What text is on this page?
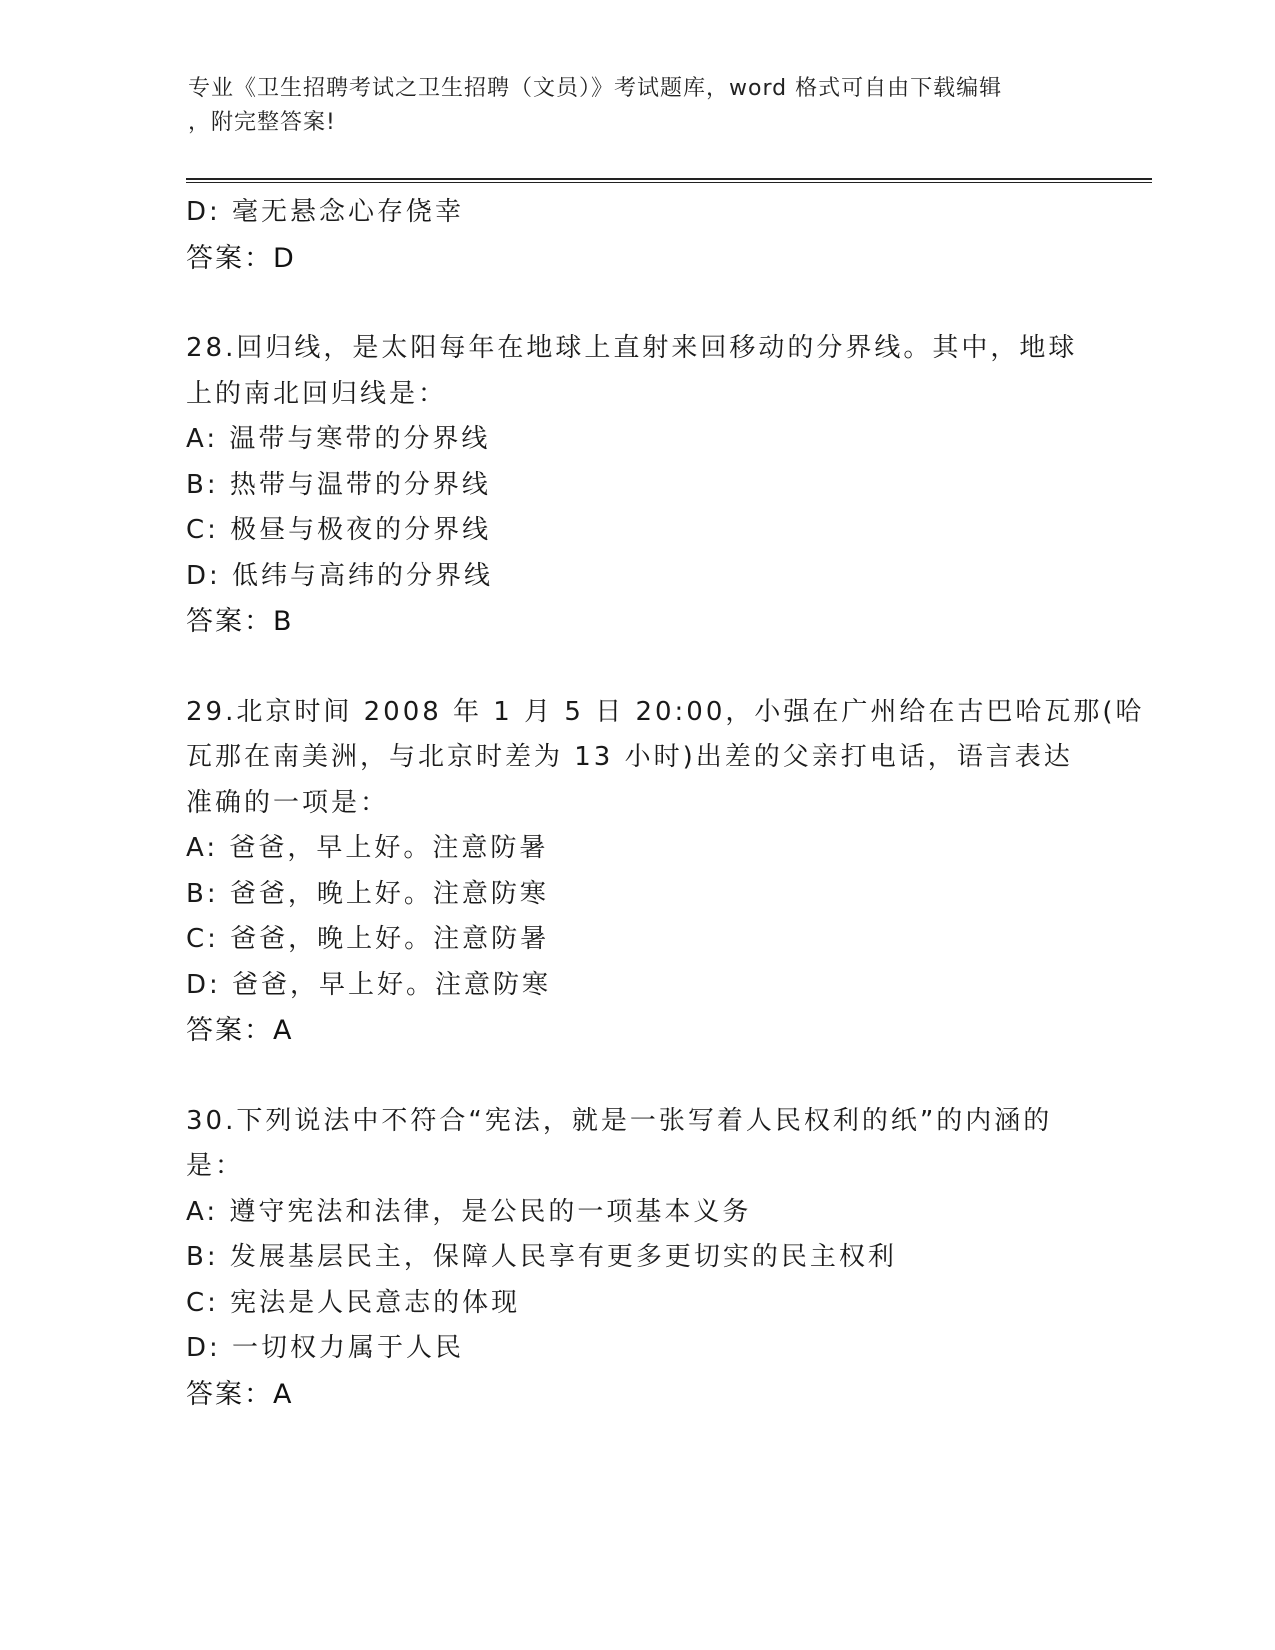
专业《卫生招聘考试之卫生招聘（文员）》考试题库，word 格式可自由下载编辑
，附完整答案!
D: 毫无悬念心存侥幸
答案：D
28.回归线，是太阳每年在地球上直射来回移动的分界线。其中，地球
上的南北回归线是：
A: 温带与寒带的分界线
B: 热带与温带的分界线
C: 极昼与极夜的分界线
D: 低纬与高纬的分界线
答案：B
29.北京时间 2008 年 1 月 5 日 20:00，小强在广州给在古巴哈瓦那(哈
瓦那在南美洲，与北京时差为 13 小时)出差的父亲打电话，语言表达
准确的一项是：
A: 爸爸，早上好。注意防暑
B: 爸爸，晚上好。注意防寒
C: 爸爸，晚上好。注意防暑
D: 爸爸，早上好。注意防寒
答案：A
30.下列说法中不符合“宪法，就是一张写着人民权利的纸”的内涵的
是：
A: 遵守宪法和法律，是公民的一项基本义务
B: 发展基层民主，保障人民享有更多更切实的民主权利
C: 宪法是人民意志的体现
D: 一切权力属于人民
答案：A
